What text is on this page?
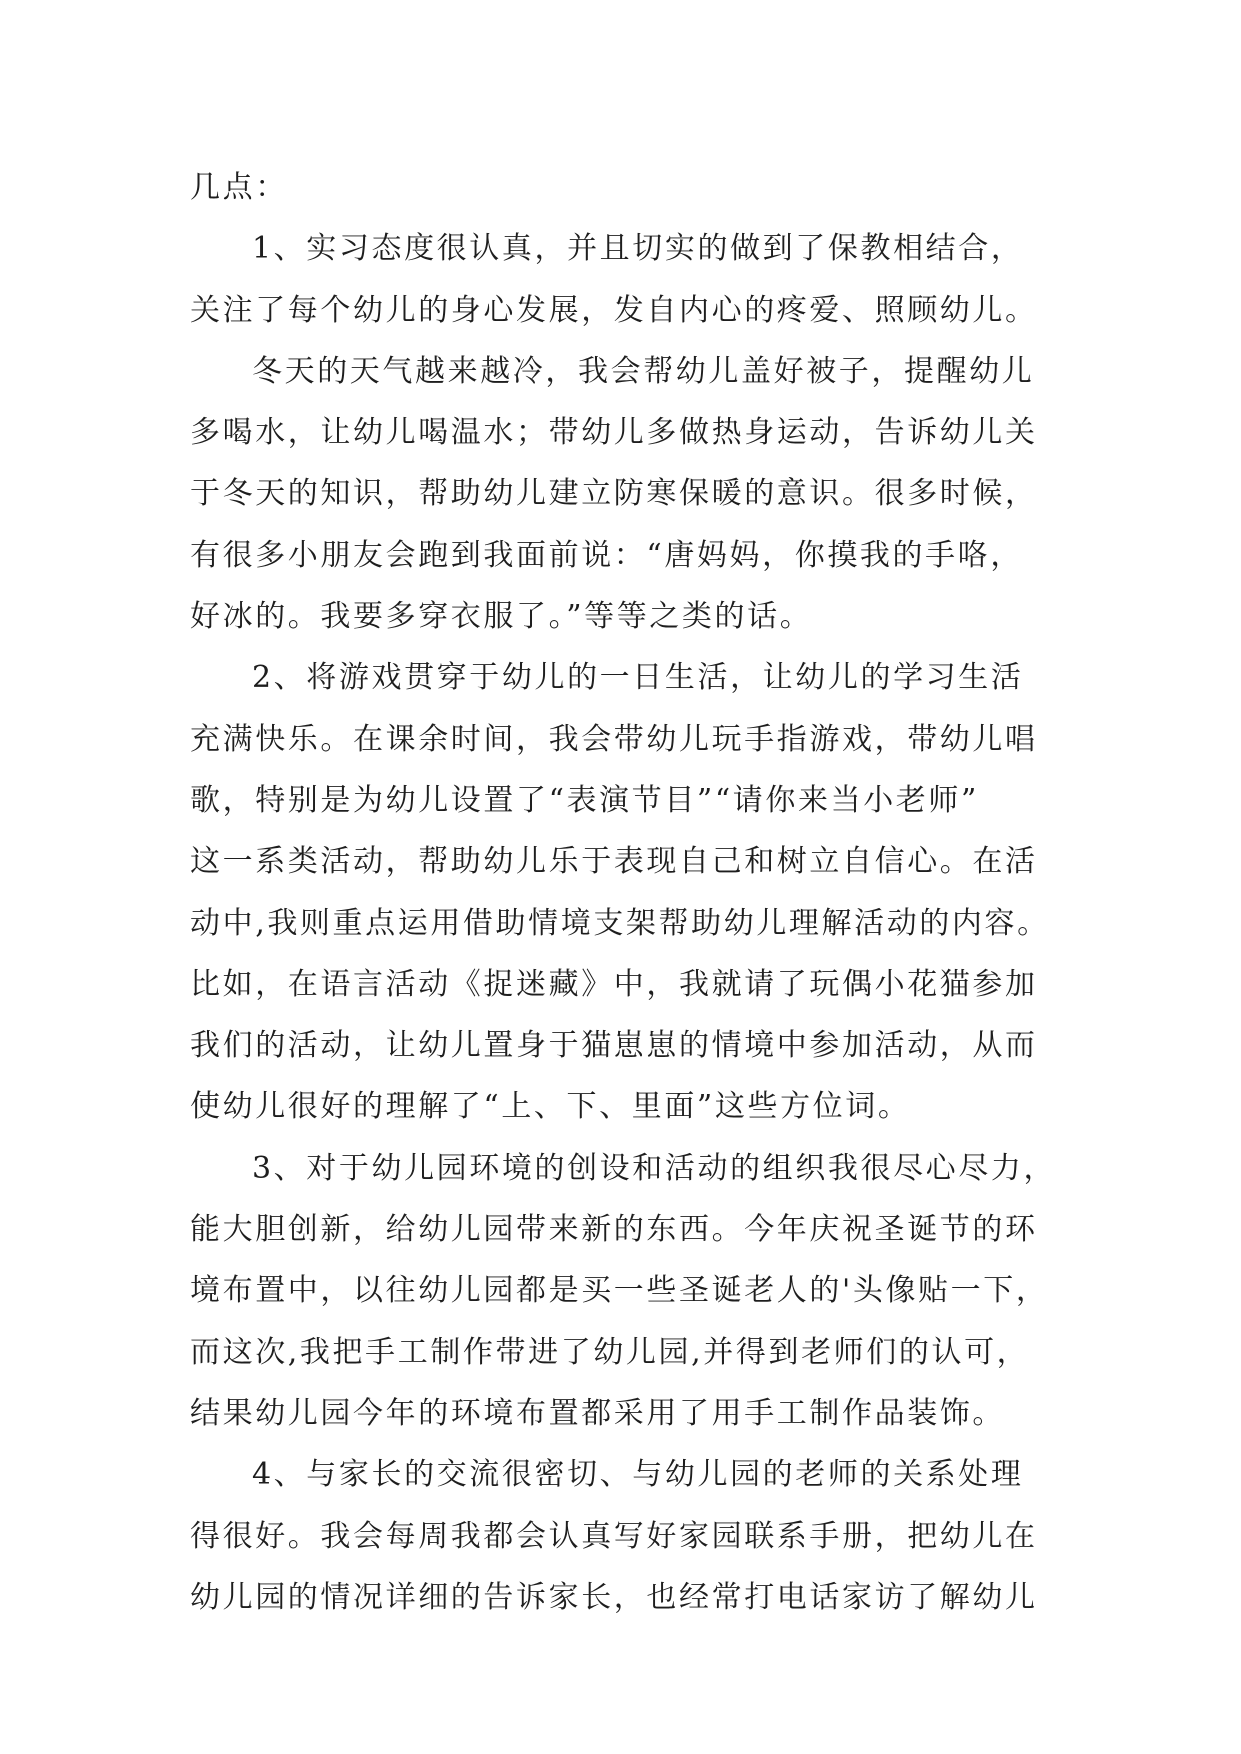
几点：
1、实习态度很认真，并且切实的做到了保教相结合，
关注了每个幼儿的身心发展，发自内心的疼爱、照顾幼儿。
冬天的天气越来越冷，我会帮幼儿盖好被子，提醒幼儿
多喝水，让幼儿喝温水；带幼儿多做热身运动，告诉幼儿关
于冬天的知识，帮助幼儿建立防寒保暖的意识。很多时候，
有很多小朋友会跑到我面前说：“唐妈妈，你摸我的手咯，
好冰的。我要多穿衣服了。”等等之类的话。
2、将游戏贯穿于幼儿的一日生活，让幼儿的学习生活
充满快乐。在课余时间，我会带幼儿玩手指游戏，带幼儿唱
歌，特别是为幼儿设置了“表演节目”“请你来当小老师”
这一系类活动，帮助幼儿乐于表现自己和树立自信心。在活
动中,我则重点运用借助情境支架帮助幼儿理解活动的内容。
比如，在语言活动《捉迷藏》中，我就请了玩偶小花猫参加
我们的活动，让幼儿置身于猫崽崽的情境中参加活动，从而
使幼儿很好的理解了“上、下、里面”这些方位词。
3、对于幼儿园环境的创设和活动的组织我很尽心尽力，
能大胆创新，给幼儿园带来新的东西。今年庆祝圣诞节的环
境布置中，以往幼儿园都是买一些圣诞老人的'头像贴一下，
而这次,我把手工制作带进了幼儿园,并得到老师们的认可，
结果幼儿园今年的环境布置都采用了用手工制作品装饰。
4、与家长的交流很密切、与幼儿园的老师的关系处理
得很好。我会每周我都会认真写好家园联系手册，把幼儿在
幼儿园的情况详细的告诉家长，也经常打电话家访了解幼儿
